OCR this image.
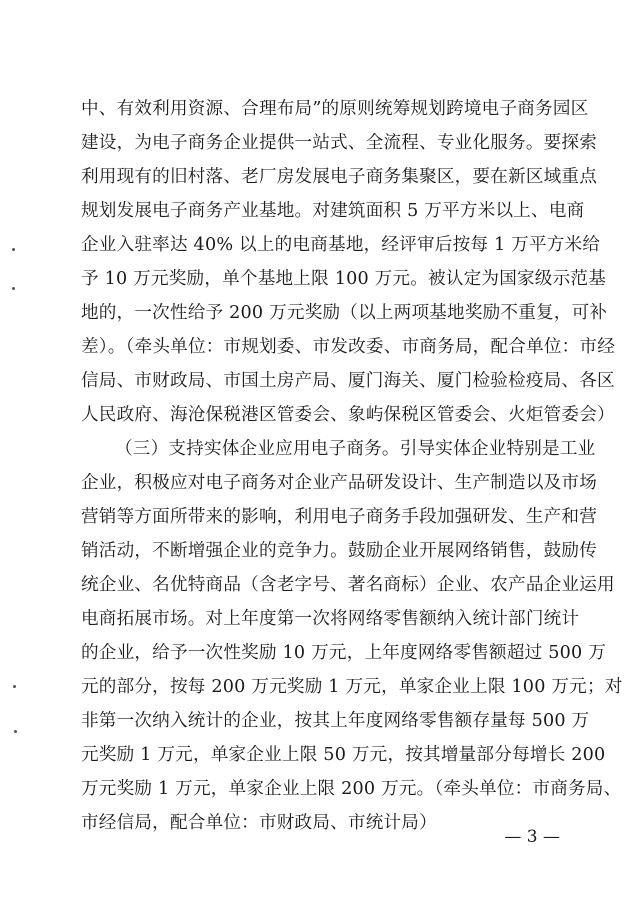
中、有效利用资源、合理布局”的原则统筹规划跨境电子商务园区
建设，为电子商务企业提供一站式、全流程、专业化服务。要探索
利用现有的旧村落、老厂房发展电子商务集聚区，要在新区域重点
规划发展电子商务产业基地。对建筑面积 5 万平方米以上、电商
企业入驻率达 40% 以上的电商基地，经评审后按每 1 万平方米给
予 10 万元奖励，单个基地上限 100 万元。被认定为国家级示范基
地的，一次性给予 200 万元奖励（以上两项基地奖励不重复，可补
差）。（牵头单位：市规划委、市发改委、市商务局，配合单位：市经
信局、市财政局、市国土房产局、厦门海关、厦门检验检疫局、各区
人民政府、海沧保税港区管委会、象屿保税区管委会、火炬管委会）
（三）支持实体企业应用电子商务。引导实体企业特别是工业
企业，积极应对电子商务对企业产品研发设计、生产制造以及市场
营销等方面所带来的影响，利用电子商务手段加强研发、生产和营
销活动，不断增强企业的竞争力。鼓励企业开展网络销售，鼓励传
统企业、名优特商品（含老字号、著名商标）企业、农产品企业运用
电商拓展市场。对上年度第一次将网络零售额纳入统计部门统计
的企业，给予一次性奖励 10 万元，上年度网络零售额超过 500 万
元的部分，按每 200 万元奖励 1 万元，单家企业上限 100 万元；对
非第一次纳入统计的企业，按其上年度网络零售额存量每 500 万
元奖励 1 万元，单家企业上限 50 万元，按其增量部分每增长 200
万元奖励 1 万元，单家企业上限 200 万元。（牵头单位：市商务局、
市经信局，配合单位：市财政局、市统计局）
— 3 —
